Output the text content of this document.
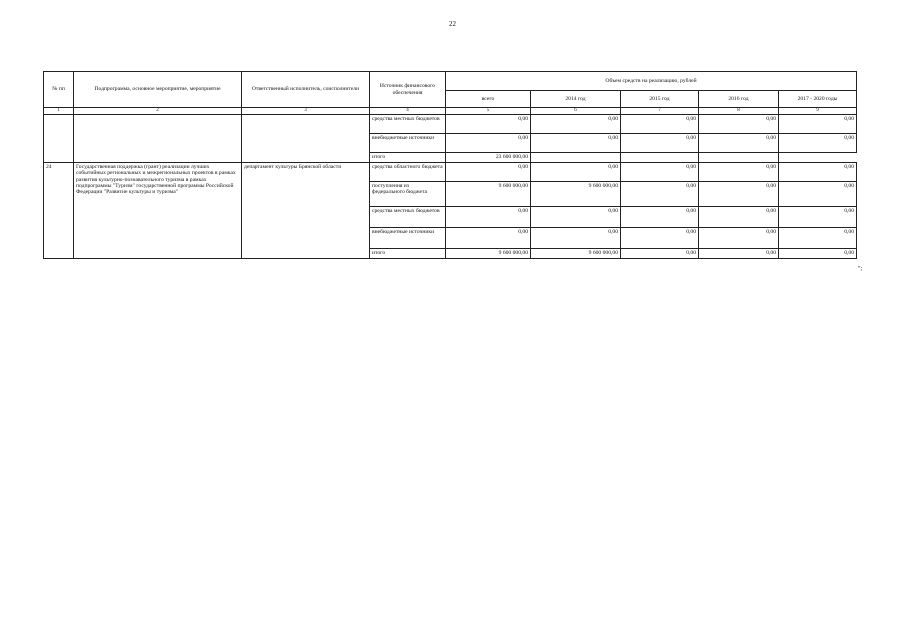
22
№ пп	Подпрограмма, основное мероприятие, мероприятие	Ответственный исполнитель, соисполнители	Источник финансового обеспечения	Объем средств на реализацию, рублей				
				всего	2014 год	2015 год	2016 год	2017 - 2020 годы
1	2	3	4	5	6	7	8	9
			средства местных бюджетов	0,00	0,00	0,00	0,00	0,00
			внебюджетные источники	0,00	0,00	0,00	0,00	0,00
			итого	23 600 000,00				
24	Государственная поддержка (грант) реализации лучших событийных региональных и межрегиональных проектов в рамках развития культурно-познавательного туризма в рамках подпрограммы "Туризм" государственной программы Российской Федерации "Развитие культуры и туризма"	департамент культуры Брянской области	средства областного бюджета	0,00	0,00	0,00	0,00	0,00
			поступления из федерального бюджета	9 600 000,00	9 600 000,00	0,00	0,00	0,00
			средства местных бюджетов	0,00	0,00	0,00	0,00	0,00
			внебюджетные источники	0,00	0,00	0,00	0,00	0,00
			итого	9 600 000,00	9 600 000,00	0,00	0,00	0,00
";
